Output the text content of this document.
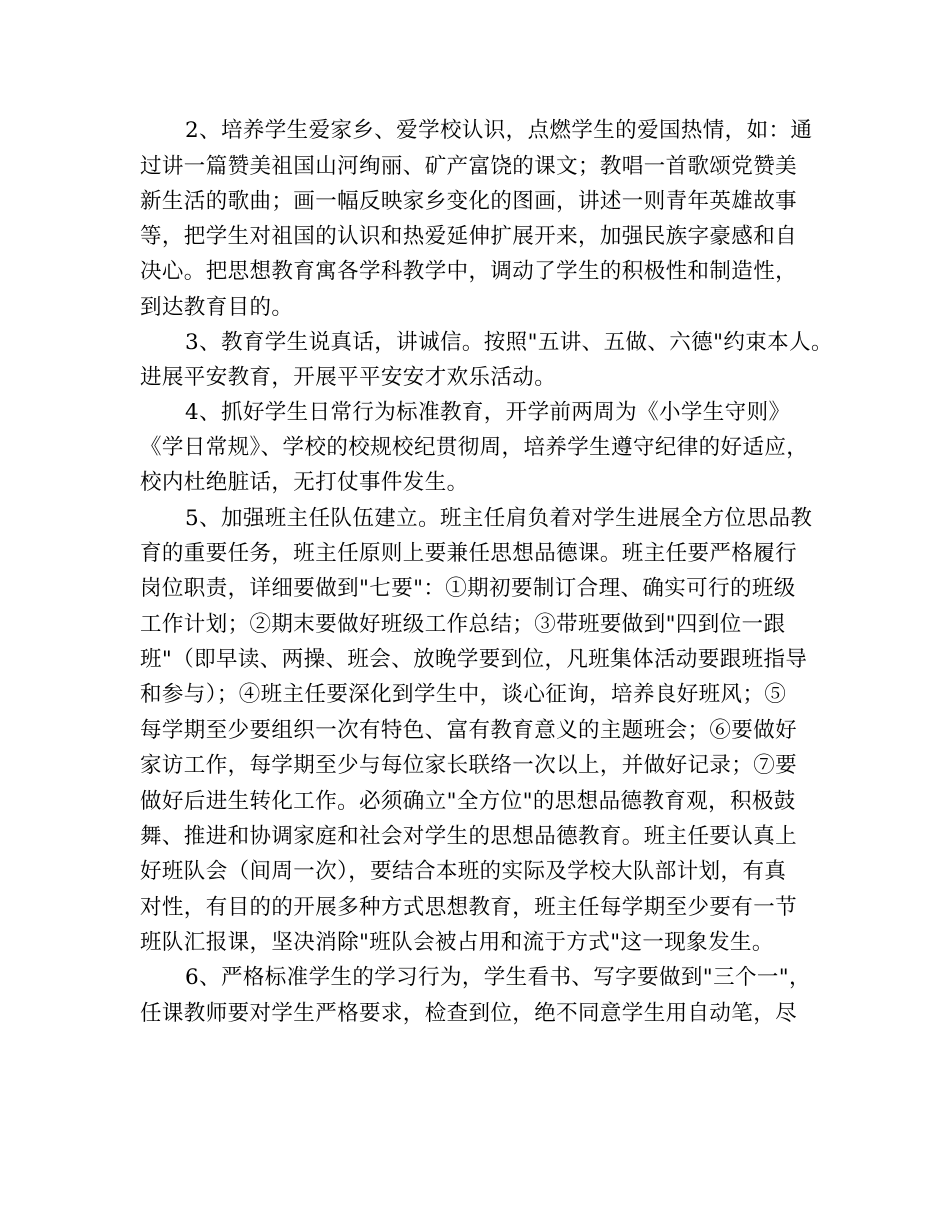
2、培养学生爱家乡、爱学校认识，点燃学生的爱国热情，如：通

过讲一篇赞美祖国山河绚丽、矿产富饶的课文；教唱一首歌颂党赞美

新生活的歌曲；画一幅反映家乡变化的图画，讲述一则青年英雄故事

等，把学生对祖国的认识和热爱延伸扩展开来，加强民族字豪感和自

决心。把思想教育寓各学科教学中，调动了学生的积极性和制造性，

到达教育目的。

3、教育学生说真话，讲诚信。按照"五讲、五做、六德"约束本人。

进展平安教育，开展平平安安才欢乐活动。

4、抓好学生日常行为标准教育，开学前两周为《小学生守则》

《学日常规》、学校的校规校纪贯彻周，培养学生遵守纪律的好适应，

校内杜绝脏话，无打仗事件发生。

5、加强班主任队伍建立。班主任肩负着对学生进展全方位思品教

育的重要任务，班主任原则上要兼任思想品德课。班主任要严格履行

岗位职责，详细要做到"七要"：①期初要制订合理、确实可行的班级

工作计划；②期末要做好班级工作总结；③带班要做到"四到位一跟

班"（即早读、两操、班会、放晚学要到位，凡班集体活动要跟班指导

和参与）；④班主任要深化到学生中，谈心征询，培养良好班风；⑤

每学期至少要组织一次有特色、富有教育意义的主题班会；⑥要做好

家访工作，每学期至少与每位家长联络一次以上，并做好记录；⑦要

做好后进生转化工作。必须确立"全方位"的思想品德教育观，积极鼓

舞、推进和协调家庭和社会对学生的思想品德教育。班主任要认真上

好班队会（间周一次），要结合本班的实际及学校大队部计划，有真

对性，有目的的开展多种方式思想教育，班主任每学期至少要有一节

班队汇报课，坚决消除"班队会被占用和流于方式"这一现象发生。

6、严格标准学生的学习行为，学生看书、写字要做到"三个一"，

任课教师要对学生严格要求，检查到位，绝不同意学生用自动笔，尽
